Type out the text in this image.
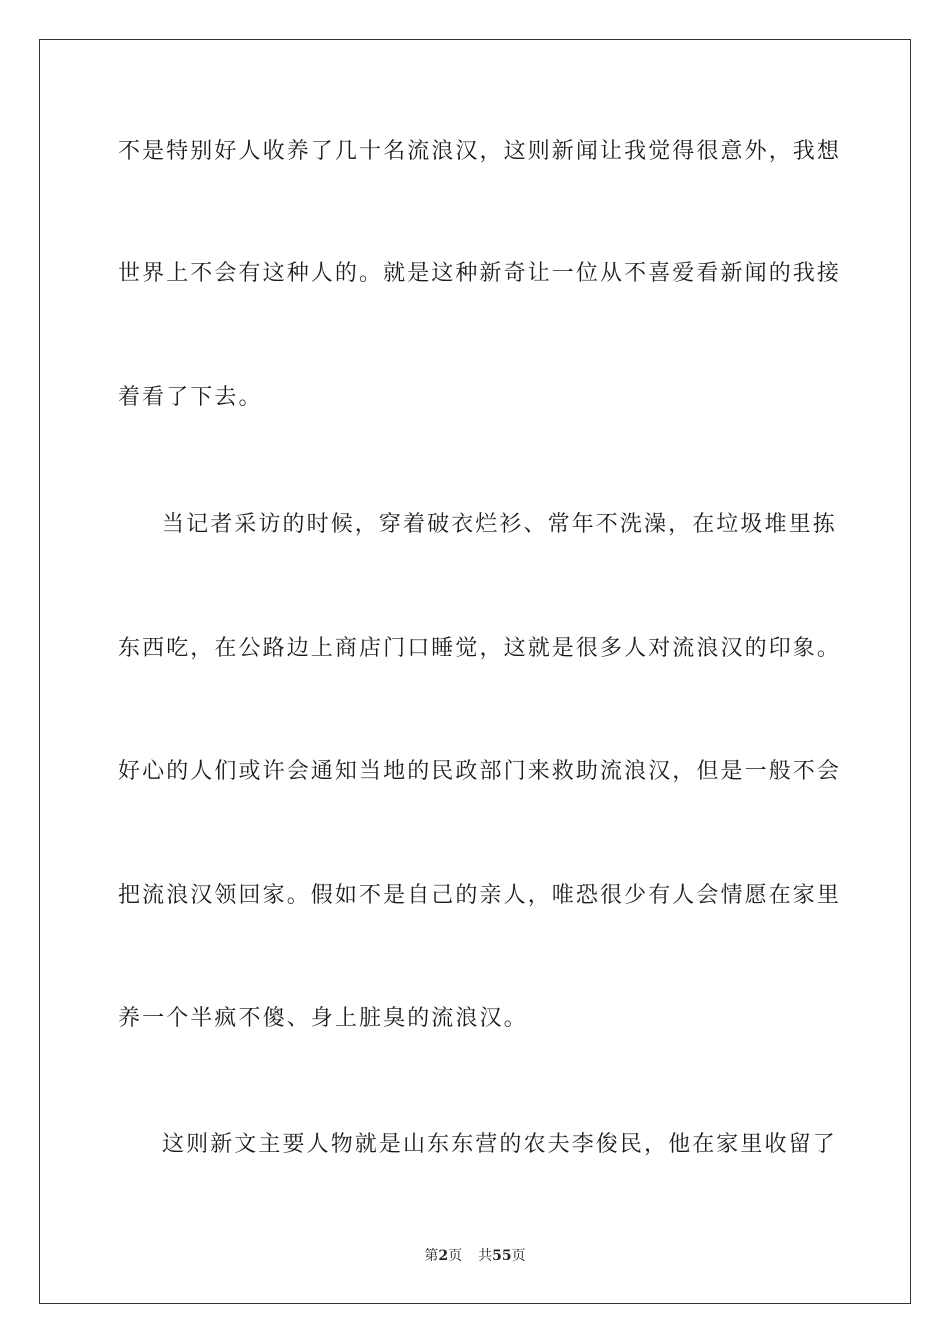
不是特别好人收养了几十名流浪汉，这则新闻让我觉得很意外，我想
世界上不会有这种人的。就是这种新奇让一位从不喜爱看新闻的我接
着看了下去。
当记者采访的时候，穿着破衣烂衫、常年不洗澡，在垃圾堆里拣
东西吃，在公路边上商店门口睡觉，这就是很多人对流浪汉的印象。
好心的人们或许会通知当地的民政部门来救助流浪汉，但是一般不会
把流浪汉领回家。假如不是自己的亲人，唯恐很少有人会情愿在家里
养一个半疯不傻、身上脏臭的流浪汉。
这则新文主要人物就是山东东营的农夫李俊民，他在家里收留了
第2页 共55页
